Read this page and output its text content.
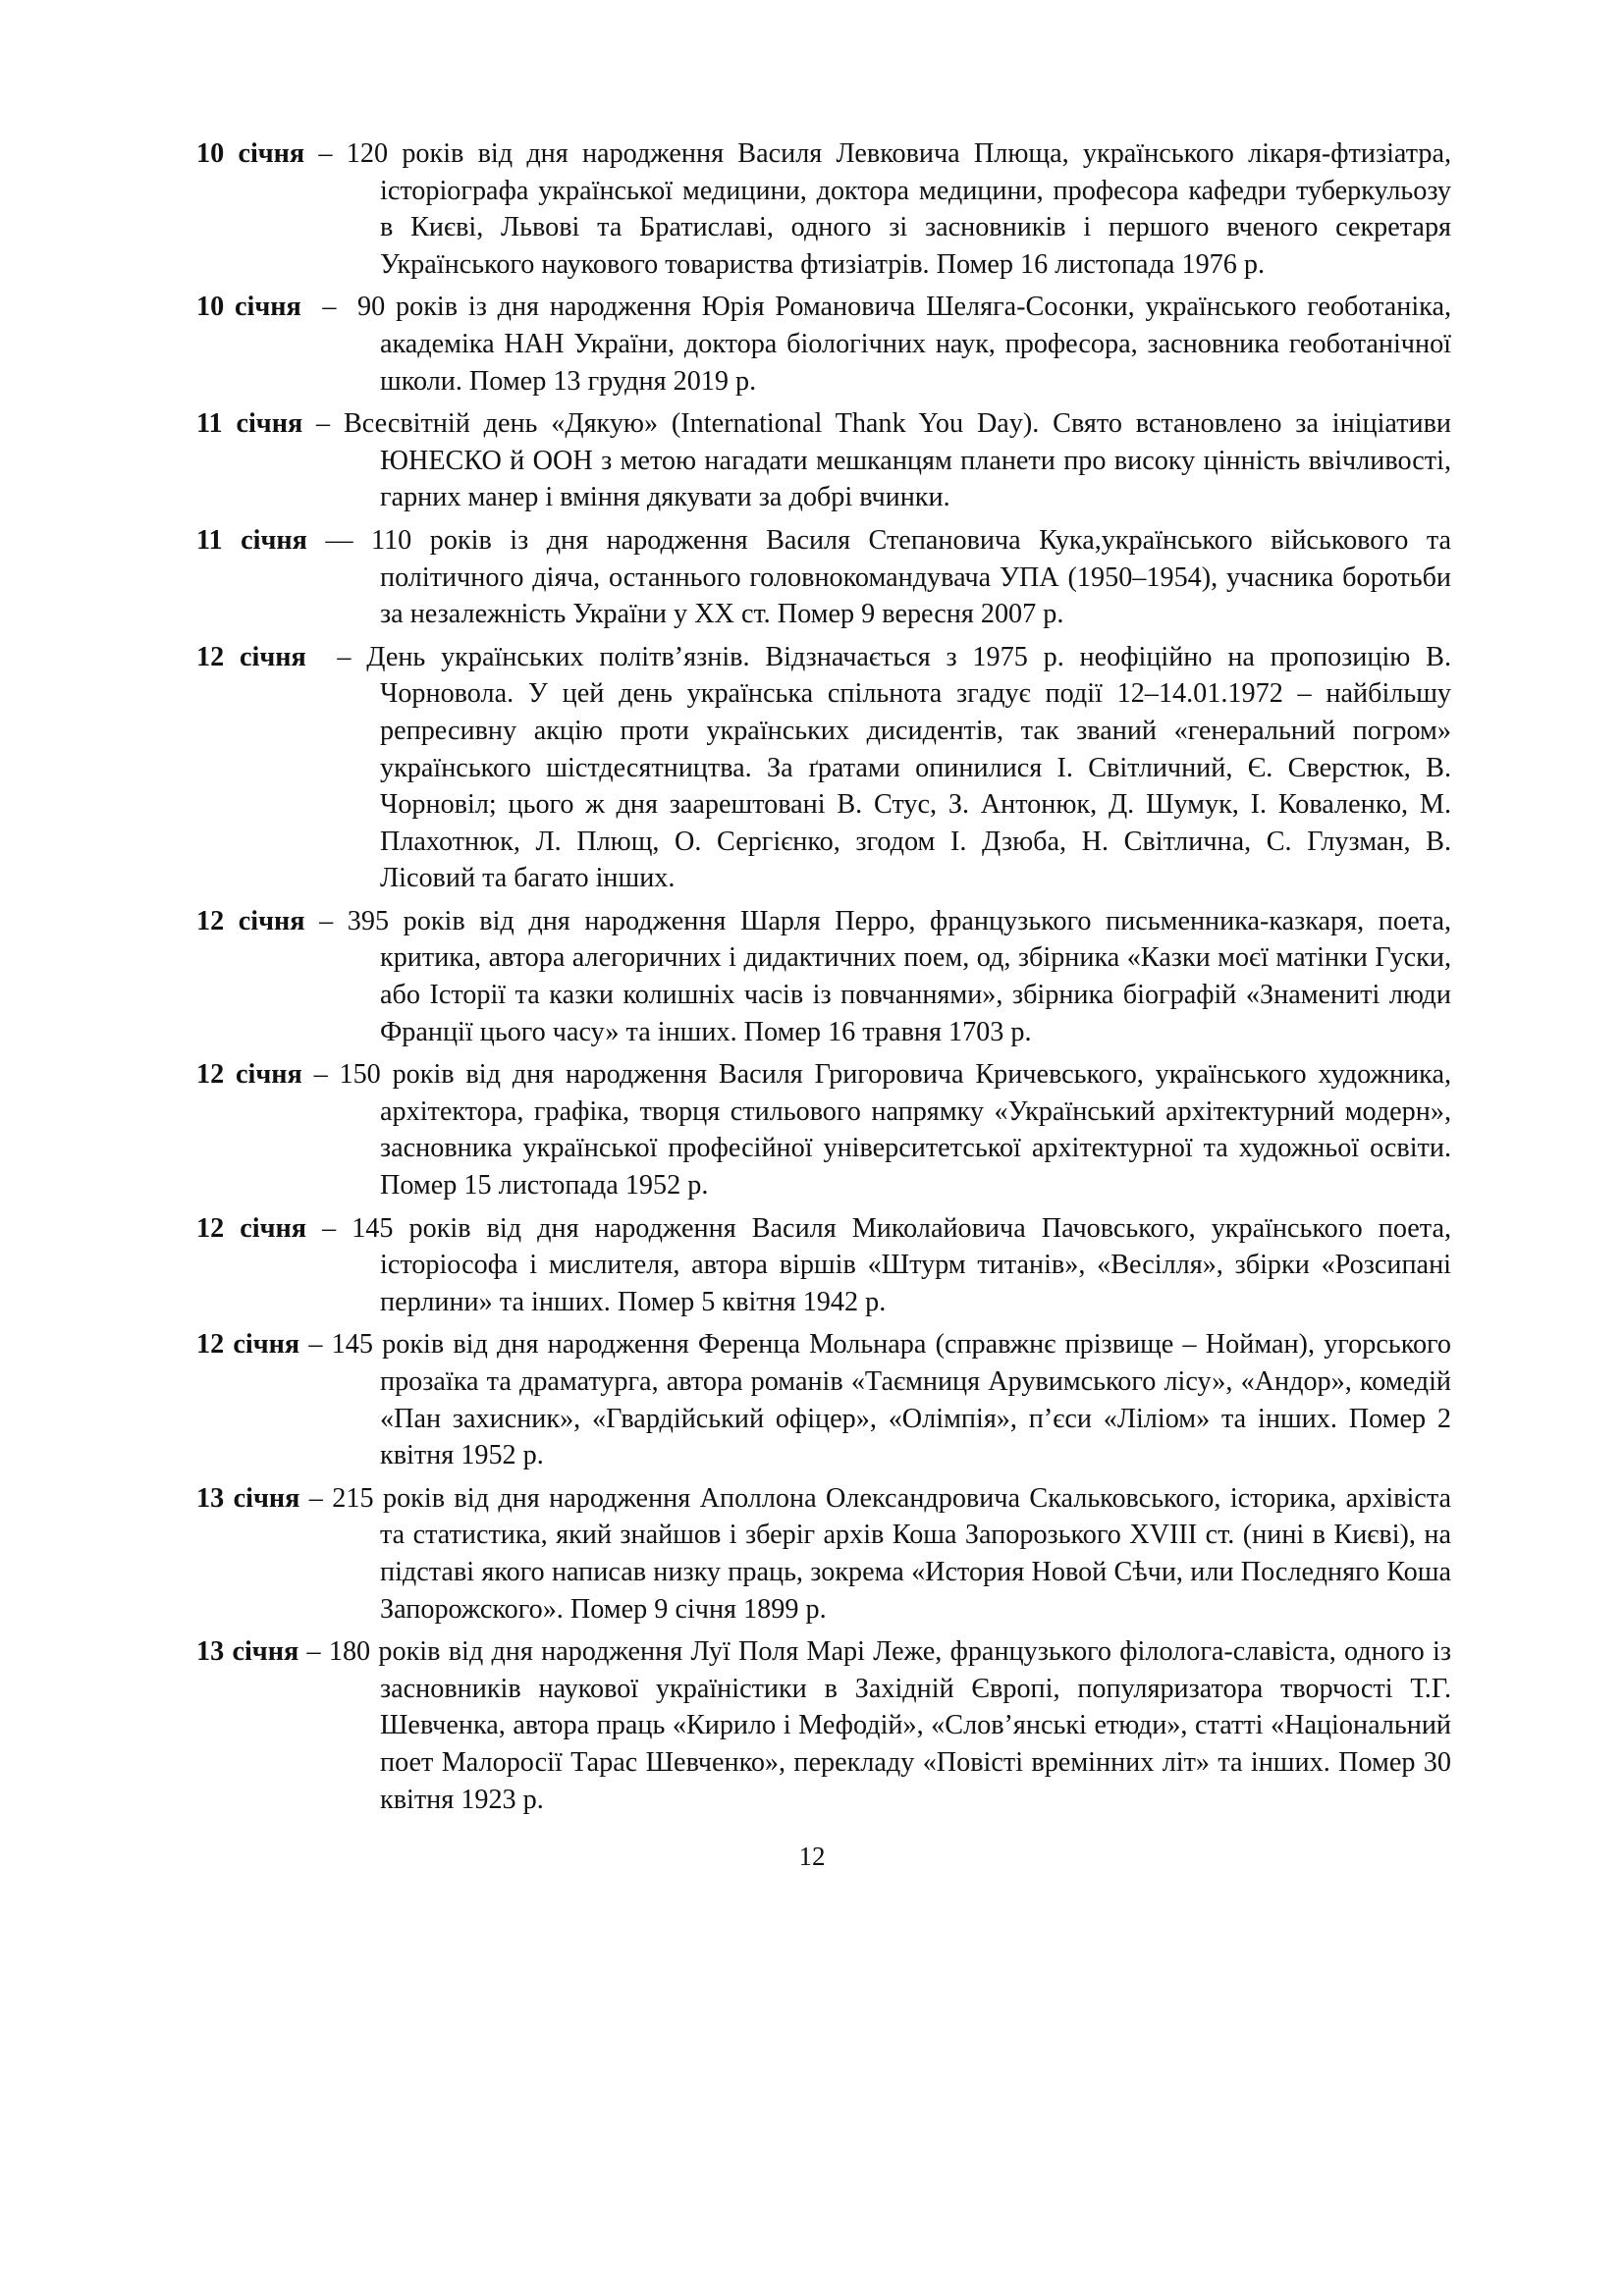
10 січня – 120 років від дня народження Василя Левковича Плюща, українського лікаря-фтизіатра, історіографа української медицини, доктора медицини, професора кафедри туберкульозу в Києві, Львові та Братиславі, одного зі засновників і першого вченого секретаря Українського наукового товариства фтизіатрів. Помер 16 листопада 1976 р.

10 січня  –  90 років із дня народження Юрія Романовича Шеляга-Сосонки, українського геоботаніка, академіка НАН України, доктора біологічних наук, професора, засновника геоботанічної школи. Помер 13 грудня 2019 р.

11 січня – Всесвітній день «Дякую» (International Thank You Day). Свято встановлено за ініціативи ЮНЕСКО й ООН з метою нагадати мешканцям планети про високу цінність ввічливості, гарних манер і вміння дякувати за добрі вчинки.

11 січня — 110 років із дня народження Василя Степановича Кука,українського військового та політичного діяча, останнього головнокомандувача УПА (1950–1954), учасника боротьби за незалежність України у ХХ ст. Помер 9 вересня 2007 р.

12 січня  – День українських політв’язнів. Відзначається з 1975 р. неофіційно на пропозицію В. Чорновола. У цей день українська спільнота згадує події 12–14.01.1972 – найбільшу репресивну акцію проти українських дисидентів, так званий «генеральний погром» українського шістдесятництва. За ґратами опинилися І. Світличний, Є. Сверстюк, В. Чорновіл; цього ж дня заарештовані В. Стус, З. Антонюк, Д. Шумук, І. Коваленко, М. Плахотнюк, Л. Плющ, О. Сергієнко, згодом І. Дзюба, Н. Світлична, С. Глузман, В. Лісовий та багато інших.

12 січня – 395 років від дня народження Шарля Перро, французького письменника-казкаря, поета, критика, автора алегоричних і дидактичних поем, од, збірника «Казки моєї матінки Гуски, або Історії та казки колишніх часів із повчаннями», збірника біографій «Знамениті люди Франції цього часу» та інших. Помер 16 травня 1703 р.

12 січня – 150 років від дня народження Василя Григоровича Кричевського, українського художника, архітектора, графіка, творця стильового напрямку «Український архітектурний модерн», засновника української професійної університетської архітектурної та художньої освіти. Помер 15 листопада 1952 р.

12 січня – 145 років від дня народження Василя Миколайовича Пачовського, українського поета, історіософа і мислителя, автора віршів «Штурм титанів», «Весілля», збірки «Розсипані перлини» та інших. Помер 5 квітня 1942 р.

12 січня – 145 років від дня народження Ференца Мольнара (справжнє прізвище – Нойман), угорського прозаїка та драматурга, автора романів «Таємниця Арувимського лісу», «Андор», комедій «Пан захисник», «Гвардійський офіцер», «Олімпія», п’єси «Ліліом» та інших. Помер 2 квітня 1952 р.

13 січня – 215 років від дня народження Аполлона Олександровича Скальковського, історика, архівіста та статистика, який знайшов і зберіг архів Коша Запорозького XVIII ст. (нині в Києві), на підставі якого написав низку праць, зокрема «История Новой Сѣчи, или Последняго Коша Запорожского». Помер 9 січня 1899 р.

13 січня – 180 років від дня народження Луї Поля Марі Леже, французького філолога-славіста, одного із засновників наукової україністики в Західній Європі, популяризатора творчості Т.Г. Шевченка, автора праць «Кирило і Мефодій», «Слов’янські етюди», статті «Національний поет Малоросії Тарас Шевченко», перекладу «Повісті времінних літ» та інших. Помер 30 квітня 1923 р.

12
